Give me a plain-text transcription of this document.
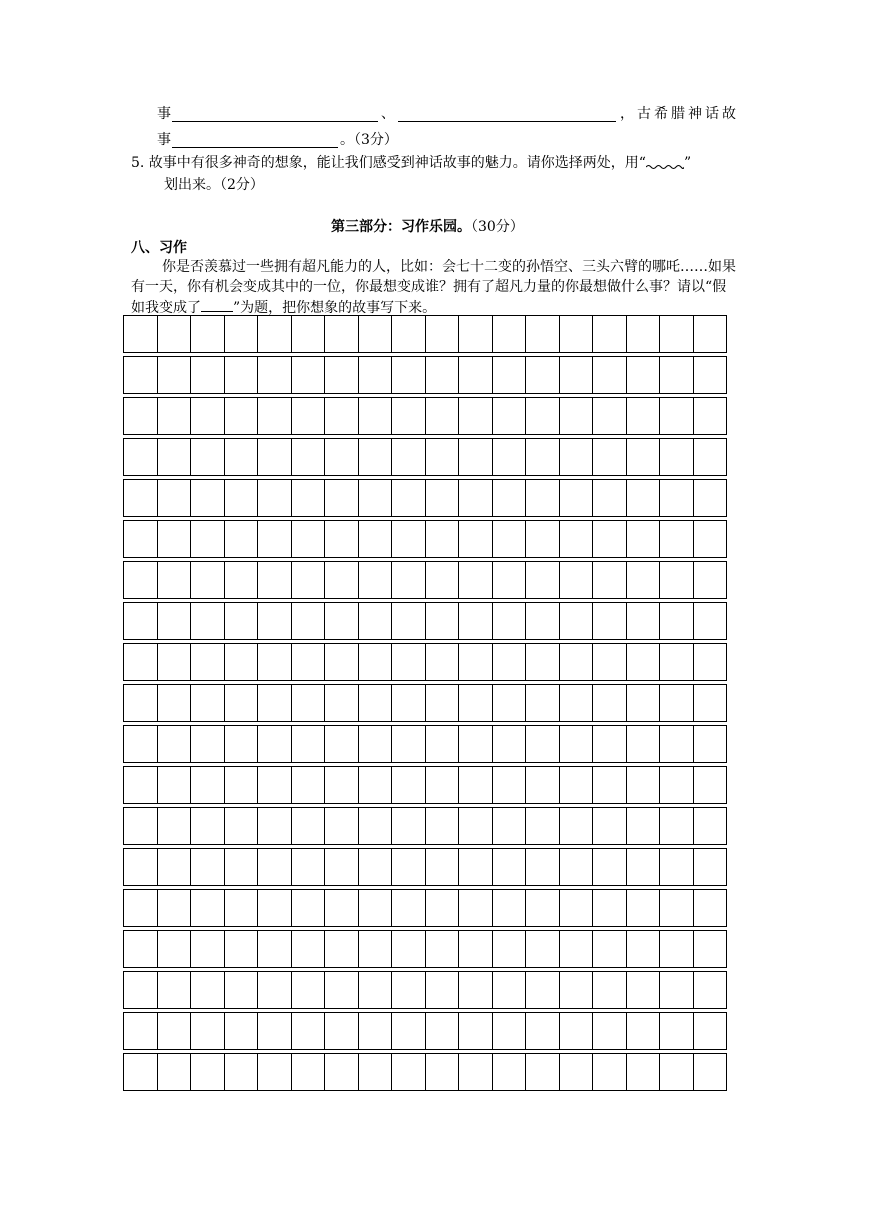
事	、	，古希腊神话故
事	。（3分）
5. 故事中有很多神奇的想象，能让我们感受到神话故事的魅力。请你选择两处，用“	”
划出来。（2分）
第三部分：习作乐园。（30分）
八、习作
你是否羡慕过一些拥有超凡能力的人，比如：会七十二变的孙悟空、三头六臂的哪吒……如果
有一天，你有机会变成其中的一位，你最想变成谁？拥有了超凡力量的你最想做什么事？请以“假
如我变成了 ”为题，把你想象的故事写下来。
